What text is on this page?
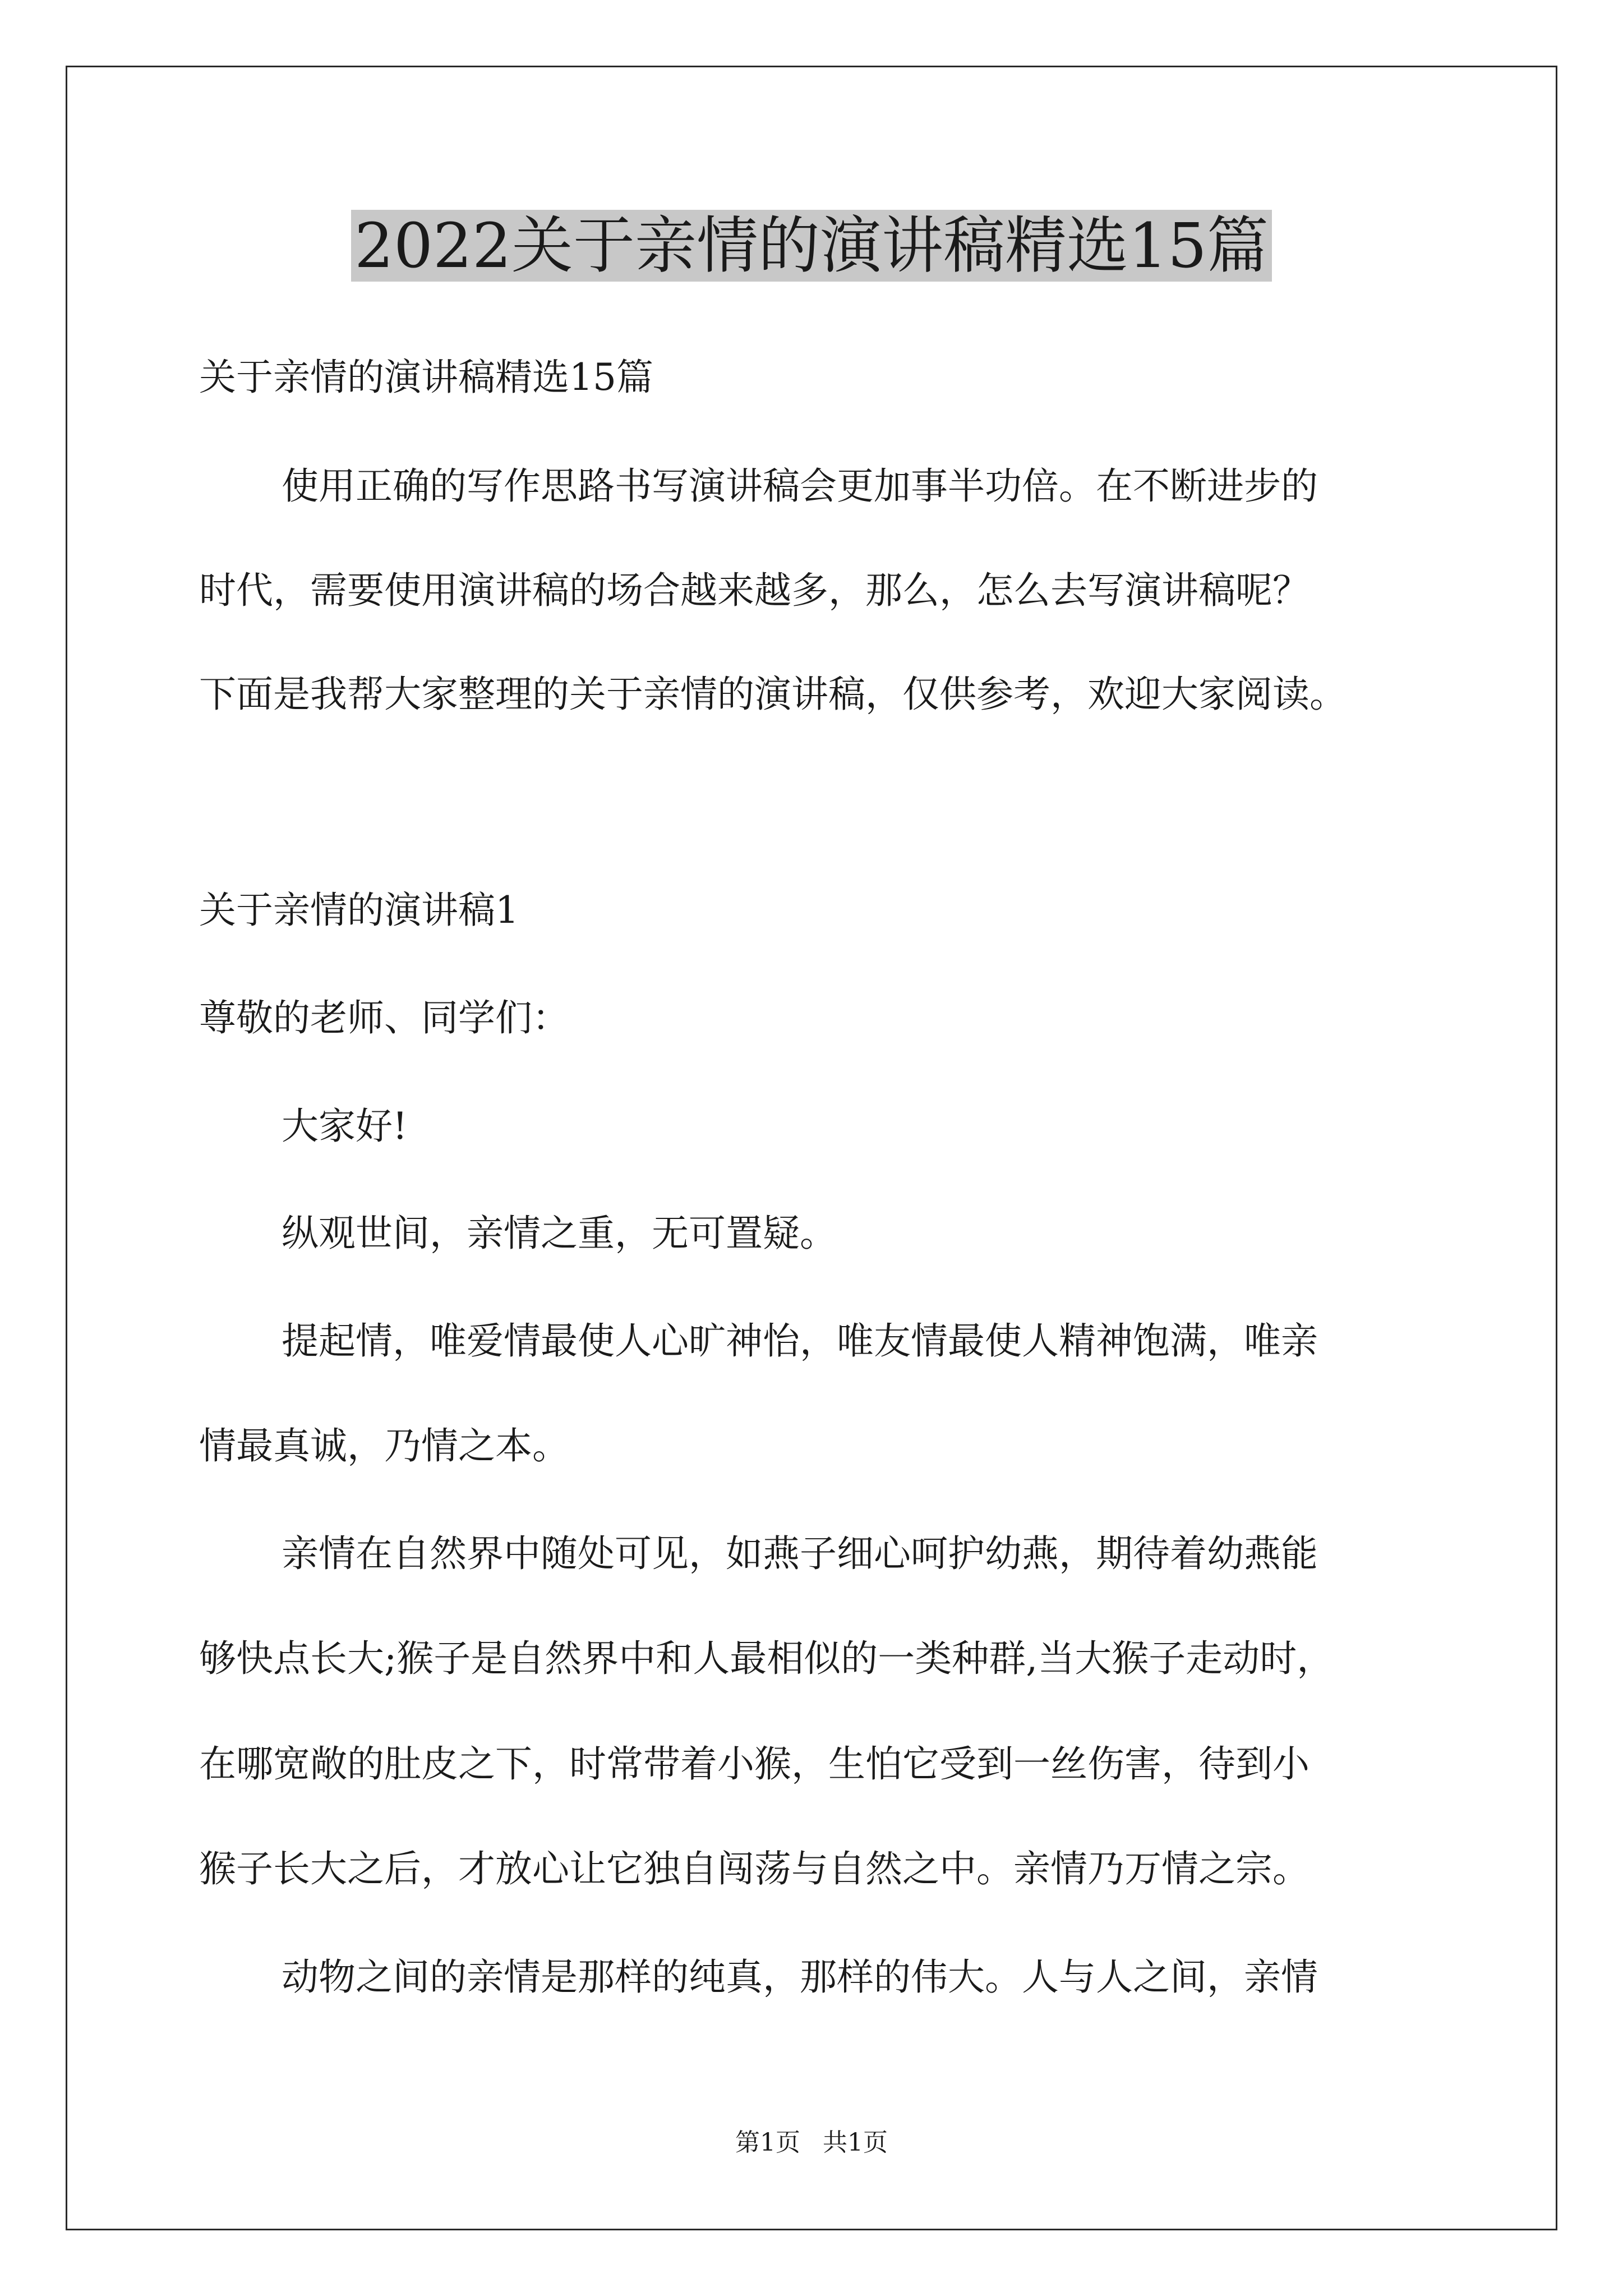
2022关于亲情的演讲稿精选15篇
关于亲情的演讲稿精选15篇
使用正确的写作思路书写演讲稿会更加事半功倍。在不断进步的
时代，需要使用演讲稿的场合越来越多，那么，怎么去写演讲稿呢？
下面是我帮大家整理的关于亲情的演讲稿，仅供参考，欢迎大家阅读。
关于亲情的演讲稿1
尊敬的老师、同学们：
大家好!
纵观世间，亲情之重，无可置疑。
提起情，唯爱情最使人心旷神怡，唯友情最使人精神饱满，唯亲
情最真诚，乃情之本。
亲情在自然界中随处可见，如燕子细心呵护幼燕，期待着幼燕能
够快点长大;猴子是自然界中和人最相似的一类种群,当大猴子走动时，
在哪宽敞的肚皮之下，时常带着小猴，生怕它受到一丝伤害，待到小
猴子长大之后，才放心让它独自闯荡与自然之中。亲情乃万情之宗。
动物之间的亲情是那样的纯真，那样的伟大。人与人之间，亲情
第1页 共1页
